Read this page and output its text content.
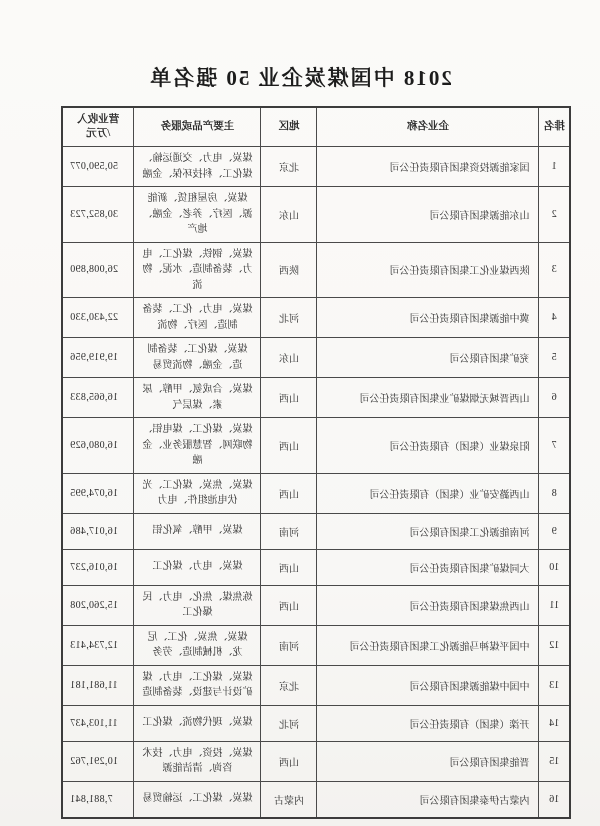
2018 中国煤炭企业 50 强名单
排名	企业名称	地区	主要产品或服务	营业收入
/万元

1	国家能源投资集团有限责任公司	北京	煤炭、电力、交通运输、煤化工、科技环保、金融	50,590,077
2	山东能源集团有限公司	山东	煤炭、房屋租赁、新能源、医疗、养老、金融、地产	30,852,723
3	陕西煤业化工集团有限责任公司	陕西	煤炭、钢铁、煤化工、电力、装备制造、水泥、物流	26,008,890
4	冀中能源集团有限责任公司	河北	煤炭、电力、化工、装备制造、医疗、物流	22,430,330
5	兖矿集团有限公司	山东	煤炭、煤化工、装备制造、金融、物流贸易	19,919,956
6	山西晋城无烟煤矿业集团有限责任公司	山西	煤炭、合成氨、甲醇、尿素、煤层气	16,665,833
7	阳泉煤业（集团）有限责任公司	山西	煤炭、煤化工、煤电铝、物联网、智慧服务业、金融	16,080,629
8	山西潞安矿业（集团）有限责任公司	山西	煤炭、焦炭、煤化工、光伏电池组件、电力	16,074,995
9	河南能源化工集团有限公司	河南	煤炭、甲醇、氧化铝	16,017,486
10	大同煤矿集团有限责任公司	山西	煤炭、电力、煤化工	16,016,237
11	山西焦煤集团有限责任公司	山西	炼焦煤、焦化、电力、民爆化工	15,260,208
12	中国平煤神马能源化工集团有限责任公司	河南	煤炭、焦炭、化工、尼龙、机械制造、劳务	12,734,413
13	中国中煤能源集团有限公司	北京	煤炭、煤化工、电力、煤矿设计与建设、装备制造	11,681,181
14	开滦（集团）有限责任公司	河北	煤炭、现代物流、煤化工	11,103,437
15	晋能集团有限公司	山西	煤炭、投资、电力、技术咨询、清洁能源	10,291,762
16	内蒙古伊泰集团有限公司	内蒙古	煤炭、煤化工、运输贸易	7,881,841
